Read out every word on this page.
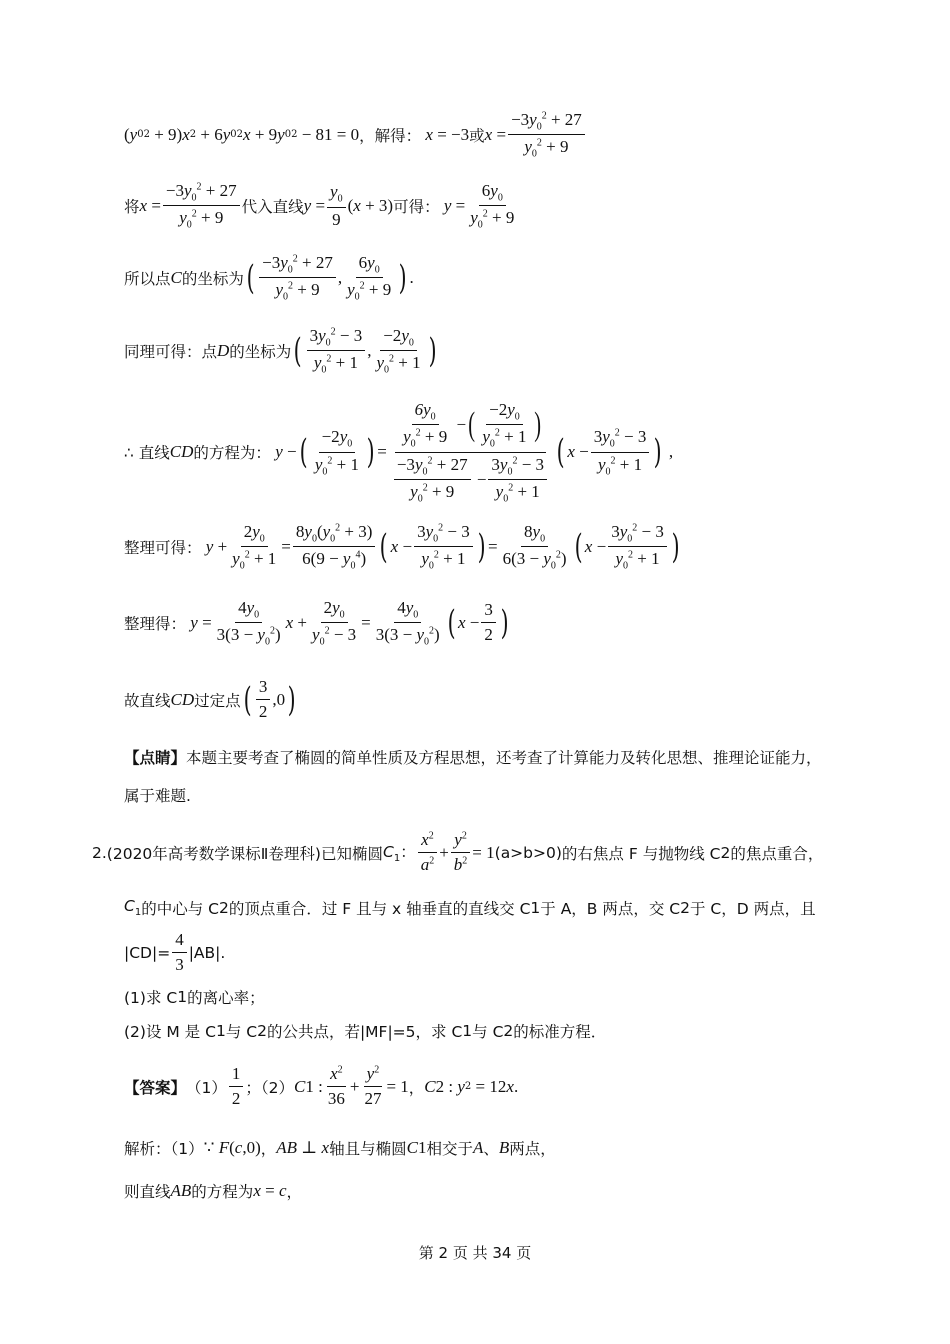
( y 0 2 + 9) x 2 + 6 y 0 2 x + 9 y 0 2 − 81 = 0 ，解得： x = −3 或 $x = \frac{-3y_0^2 + 27}{y_0^2 + 9}$
将 $x = \frac{-3y_0^2 + 27}{y_0^2 + 9}$ 代入直线 $y = \frac{y_0}{9}$ ( x + 3) 可得： $y = \frac{6y_0}{y_0^2 + 9}$
所以点 C 的坐标为 ( $\frac{-3y_0^2 + 27}{y_0^2 + 9}$ , $\frac{6y_0}{y_0^2 + 9}$ ) .
同理可得：点 D 的坐标为 ( $\frac{3y_0^2 - 3}{y_0^2 + 1}$ , $\frac{-2y_0}{y_0^2 + 1}$ )
∴ 直线 CD 的方程为： y − ( $\frac{-2y_0}{y_0^2 + 1}$ ) = $\frac{\frac{6y_0}{y_0^2 + 9} - ( \frac{-2y_0}{y_0^2 + 1} )}{\frac{-3y_0^2 + 27}{y_0^2 + 9} - \frac{3y_0^2 - 3}{y_0^2 + 1}}$ ( $x - \frac{3y_0^2 - 3}{y_0^2 + 1}$ ) ,
整理可得： $y + \frac{2y_0}{y_0^2 + 1} = \frac{8y_0(y_0^2 + 3)}{6(9 - y_0^4)}$ ( $x - \frac{3y_0^2 - 3}{y_0^2 + 1}$ ) = $\frac{8y_0}{6(3 - y_0^2)}$ ( $x - \frac{3y_0^2 - 3}{y_0^2 + 1}$ )
整理得： $y = \frac{4y_0}{3(3 - y_0^2)}$ $x + \frac{2y_0}{y_0^2 - 3} = \frac{4y_0}{3(3 - y_0^2)}$ ( $x - \frac{3}{2}$ )
故直线 CD 过定点 ( $\frac{3}{2} ,0$ )
【点睛】 本题主要考查了椭圆的简单性质及方程思想，还考查了计算能力及转化思想、推理论证能力，
属于难题.
2. (2020年高考数学课标Ⅱ卷理科) 已知椭圆 $C_1$： $\frac{x^2}{a^2} + \frac{y^2}{b^2} = 1$ (a>b>0) 的右焦点 F 与抛物线 C 2 的焦点重合，
$C_1$ 的中心与 C 2 的顶点重合．过 F 且与 x 轴垂直的直线交 C 1 于 A，B 两点，交 C 2 于 C，D 两点，且
$|CD|= \frac{4}{3} |AB|$.
(1)求 C 1 的离心率；
(2)设 M 是 C 1 与 C 2 的公共点，若|MF|=5，求 C 1 与 C 2 的标准方程．
【答案】 $(1) \frac{1}{2}$ ；（2） C 1 : $\frac{x^2}{36} + \frac{y^2}{27} = 1$ ， C 2 : y 2 = 12 x .
解析：（1） ∵ F ( c ,0) ， AB ⊥ x 轴且与椭圆 C 1 相交于 A 、 B 两点，
则直线 AB 的方程为 x = c ，
第 2 页 共 34 页
